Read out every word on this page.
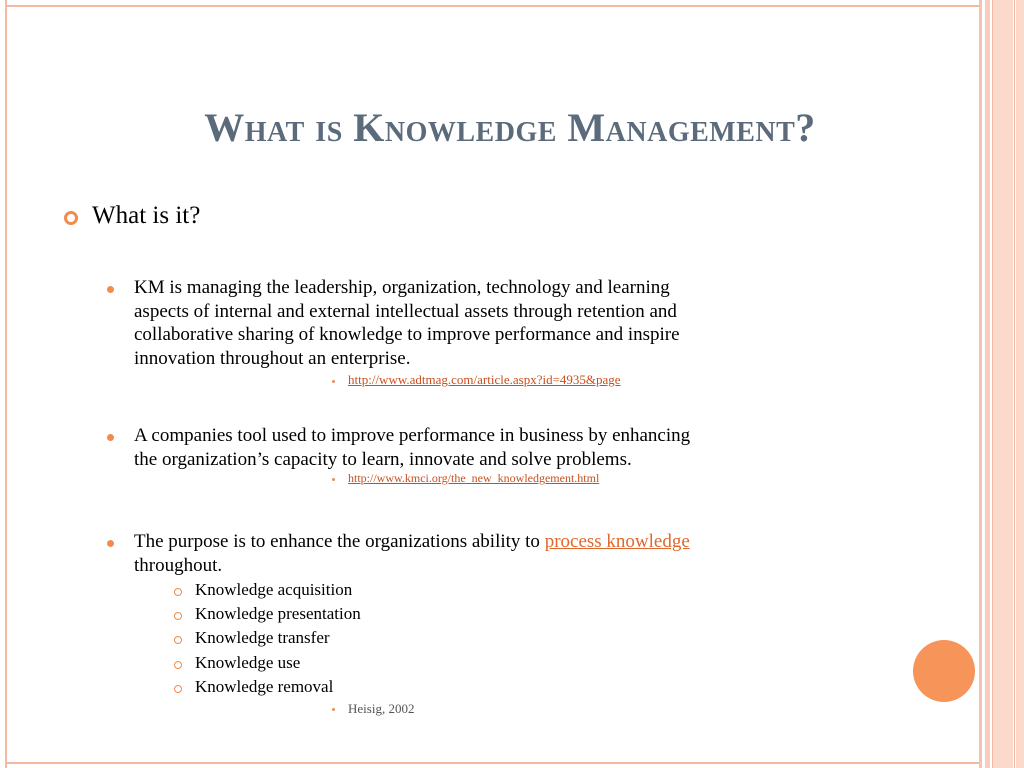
What is Knowledge Management?
What is it?
KM is managing the leadership, organization, technology and learning
aspects of internal and external intellectual assets through retention and
collaborative sharing of knowledge to improve performance and inspire
innovation throughout an enterprise.
http://www.adtmag.com/article.aspx?id=4935&page
A companies tool used to improve performance in business by enhancing
the organization’s capacity to learn, innovate and solve problems.
http://www.kmci.org/the_new_knowledgement.html
The purpose is to enhance the organizations ability to process knowledge
throughout.
Knowledge acquisition
Knowledge presentation
Knowledge transfer
Knowledge use
Knowledge removal
Heisig, 2002
